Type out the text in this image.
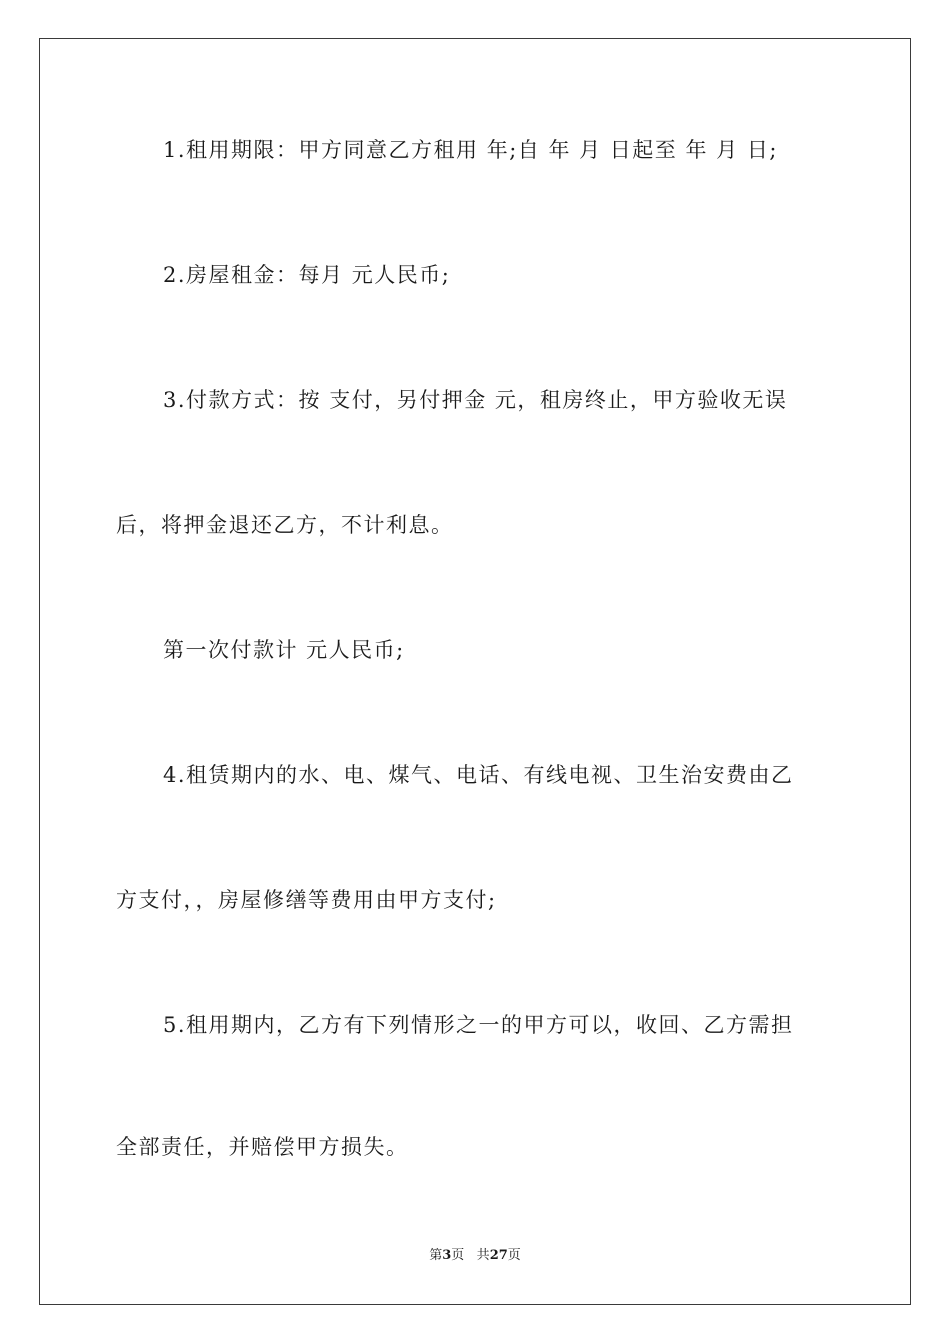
1.租用期限：甲方同意乙方租用 年;自 年 月 日起至 年 月 日;
2.房屋租金：每月 元人民币;
3.付款方式：按 支付，另付押金 元，租房终止，甲方验收无误
后，将押金退还乙方，不计利息。
第一次付款计 元人民币;
4.租赁期内的水、电、煤气、电话、有线电视、卫生治安费由乙
方支付，，房屋修缮等费用由甲方支付;
5.租用期内，乙方有下列情形之一的甲方可以，收回、乙方需担
全部责任，并赔偿甲方损失。
第3页 共27页
